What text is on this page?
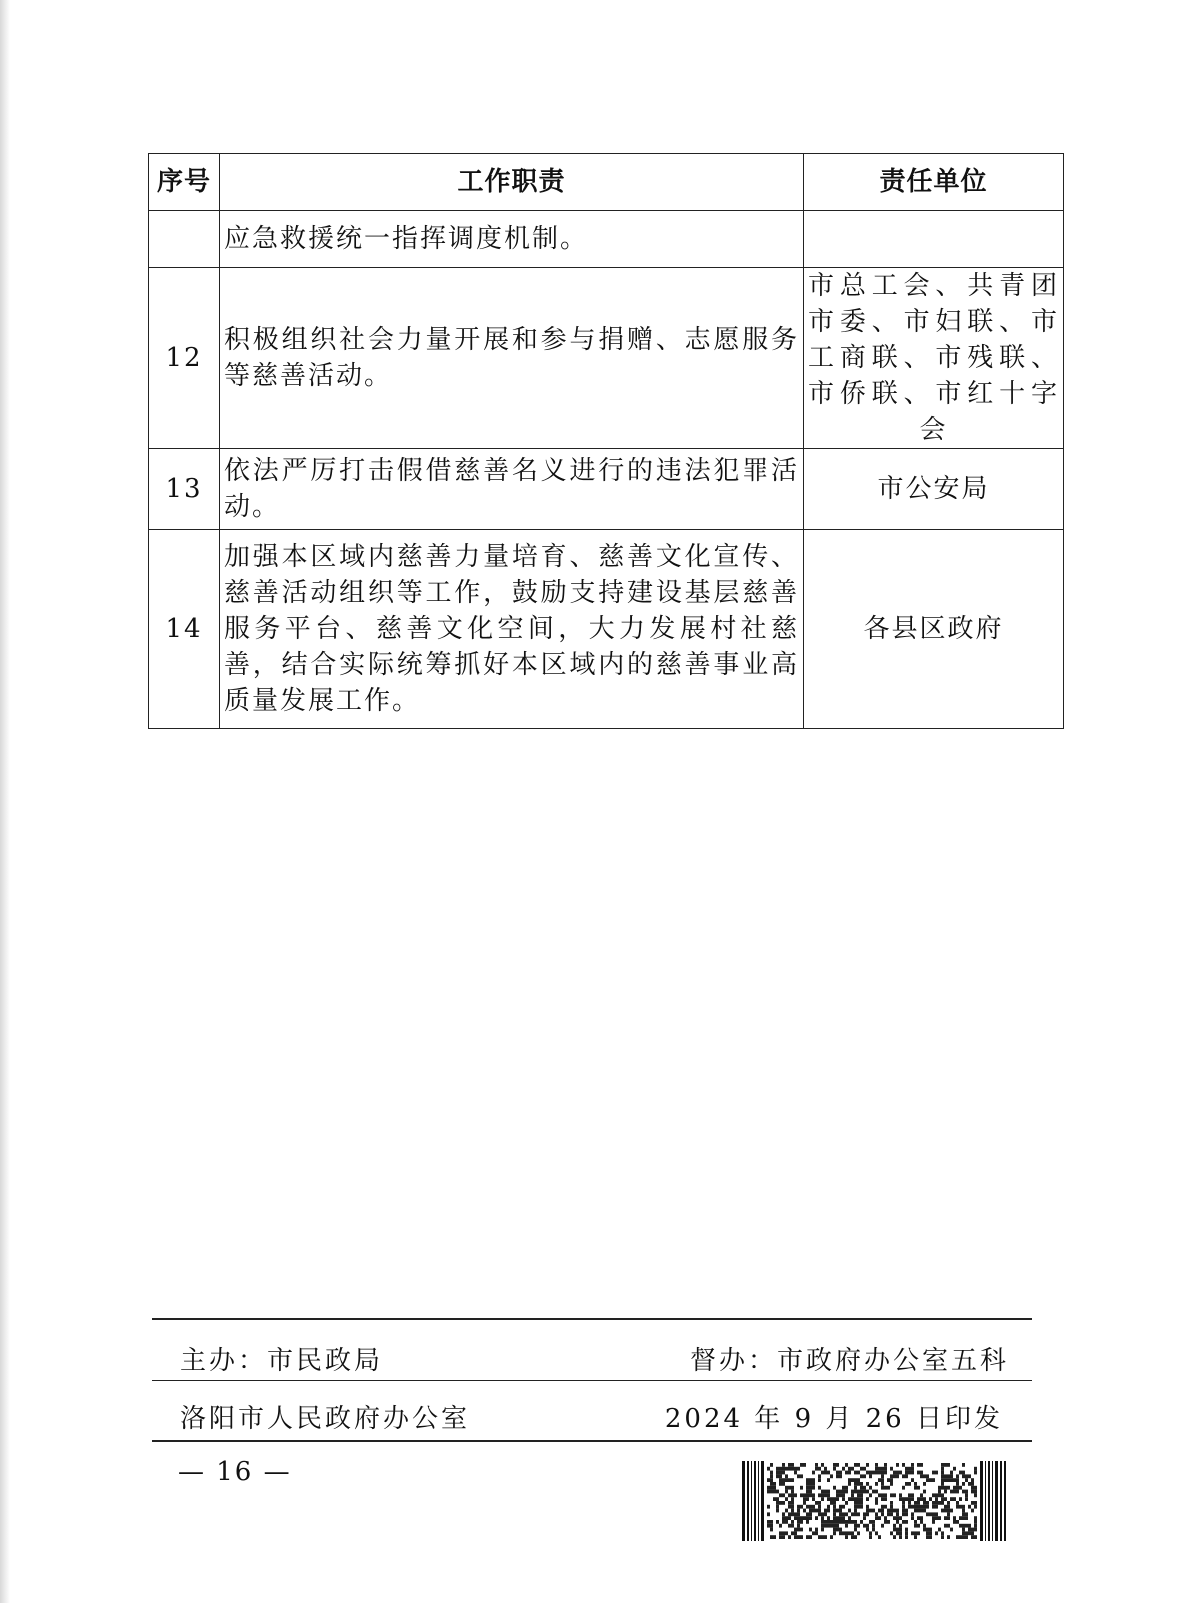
序号	工作职责	责任单位
	应急救援统一指挥调度机制。	
12	积极组织社会力量开展和参与捐赠、志愿服务等慈善活动。	市总工会、共青团市委、市妇联、市工商联、市残联、市侨联、市红十字会
13	依法严厉打击假借慈善名义进行的违法犯罪活动。	市公安局
14	加强本区域内慈善力量培育、慈善文化宣传、慈善活动组织等工作，鼓励支持建设基层慈善服务平台、慈善文化空间，大力发展村社慈善，结合实际统筹抓好本区域内的慈善事业高质量发展工作。	各县区政府
主办：市民政局	督办：市政府办公室五科
洛阳市人民政府办公室	2024 年 9 月 26 日印发
— 16 —
